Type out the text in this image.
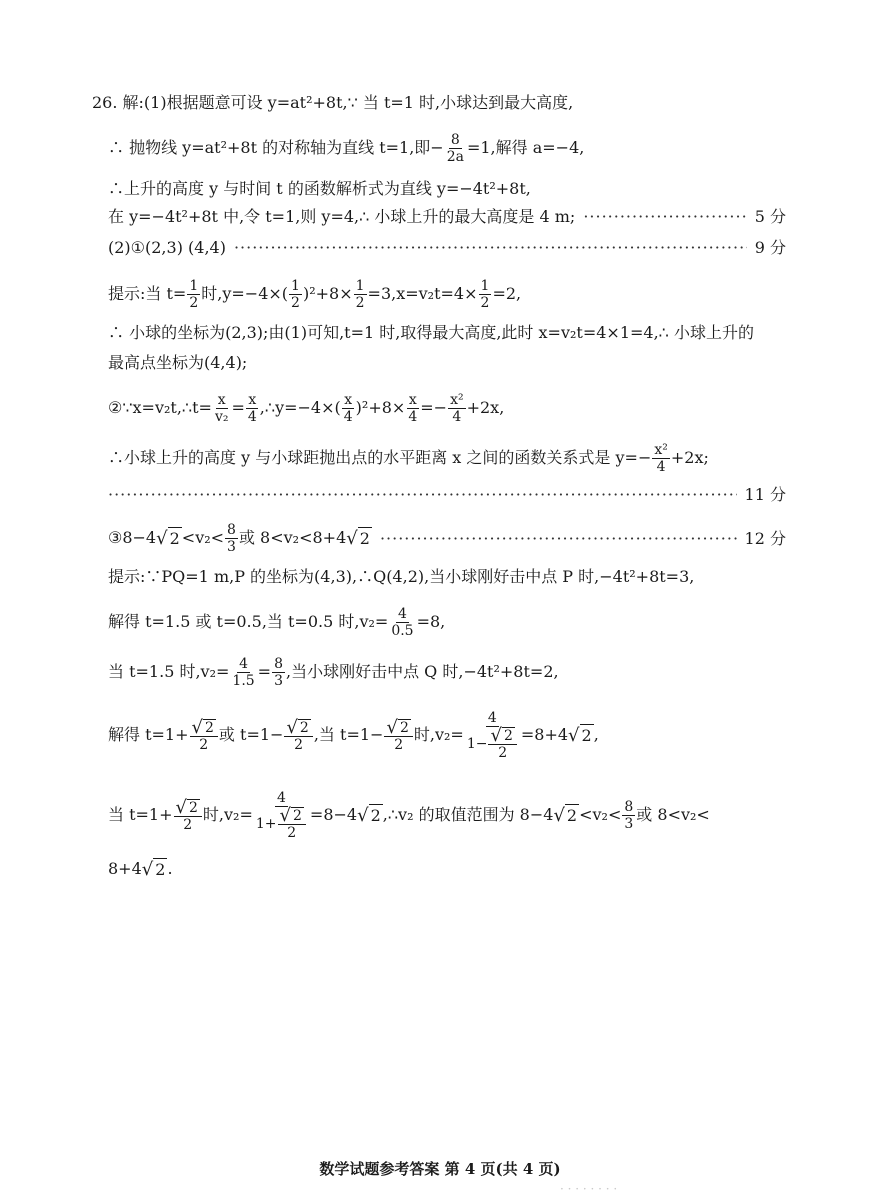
26. 解:(1)根据题意可设 y=at²+8t,∵ 当 t=1 时,小球达到最大高度,
∴ 抛物线 y=at²+8t 的对称轴为直线 t=1,即− $\frac{8}{2a} =1$,解得 a=−4,
∴上升的高度 y 与时间 t 的函数解析式为直线 y=−4t²+8t,
在 y=−4t²+8t 中,令 t=1,则 y=4,∴ 小球上升的最大高度是 4 m; ·····	5 分
(2)①(2,3) (4,4) ·····	9 分
提示:当 $t= \frac{1}{2}$ 时$,y=-4\times( \frac{1}{2} )^2+8\times \frac{1}{2} =3,x=v_2t=4\times \frac{1}{2} =2$,
∴ 小球的坐标为(2,3);由(1)可知,t=1 时,取得最大高度,此时 x=v₂t=4×1=4,∴ 小球上升的
最高点坐标为(4,4);
②∵x=v₂t,∴t= $\frac{x}{\text{v₂}} = \frac{x}{4}$ ,∴y=−4×( $\frac{x}{4} )^2+8\times \frac{x}{4} =- \frac{\text{x²}}{4} +2x$,
∴小球上升的高度 y 与小球距抛出点的水平距离 x 之间的函数关系式是 $y=- \frac{\text{x²}}{4} +2x$;
·····
11 分
③8−4 √ $2 <v_2< \frac{8}{3}$ 或 8<v₂<8+4 √ 2 ·····	12 分
提示:∵PQ=1 m,P 的坐标为(4,3),∴Q(4,2),当小球刚好击中点 P 时,−4t²+8t=3,
解得 t=1.5 或 t=0.5,当 t=0.5 时$,v_2= \frac{4}{0.5} =8$,
当 t=1.5 时$,v_2= \frac{4}{1.5} = \frac{8}{3}$ ,当小球刚好击中点 Q 时,−4t²+8t=2,
解得 $t=1+ \frac{√ 2}{2}$ 或 $t=1- \frac{√ 2}{2}$ ,当 $t=1- \frac{√ 2}{2}$ 时$,v_2= \frac{4}{1- \frac{√ 2}{2}} =8+4$ √ 2 ,
当 $t=1+ \frac{√ 2}{2}$ 时$,v_2= \frac{4}{1+ \frac{√ 2}{2}} =8-4$ √ 2 ,∴v₂ 的取值范围为 8−4 √ $2 <v_2< \frac{8}{3}$ 或 8<v₂<
8+4 √ 2 .
数学试题参考答案 第 4 页(共 4 页)
· · · · · · · ·
